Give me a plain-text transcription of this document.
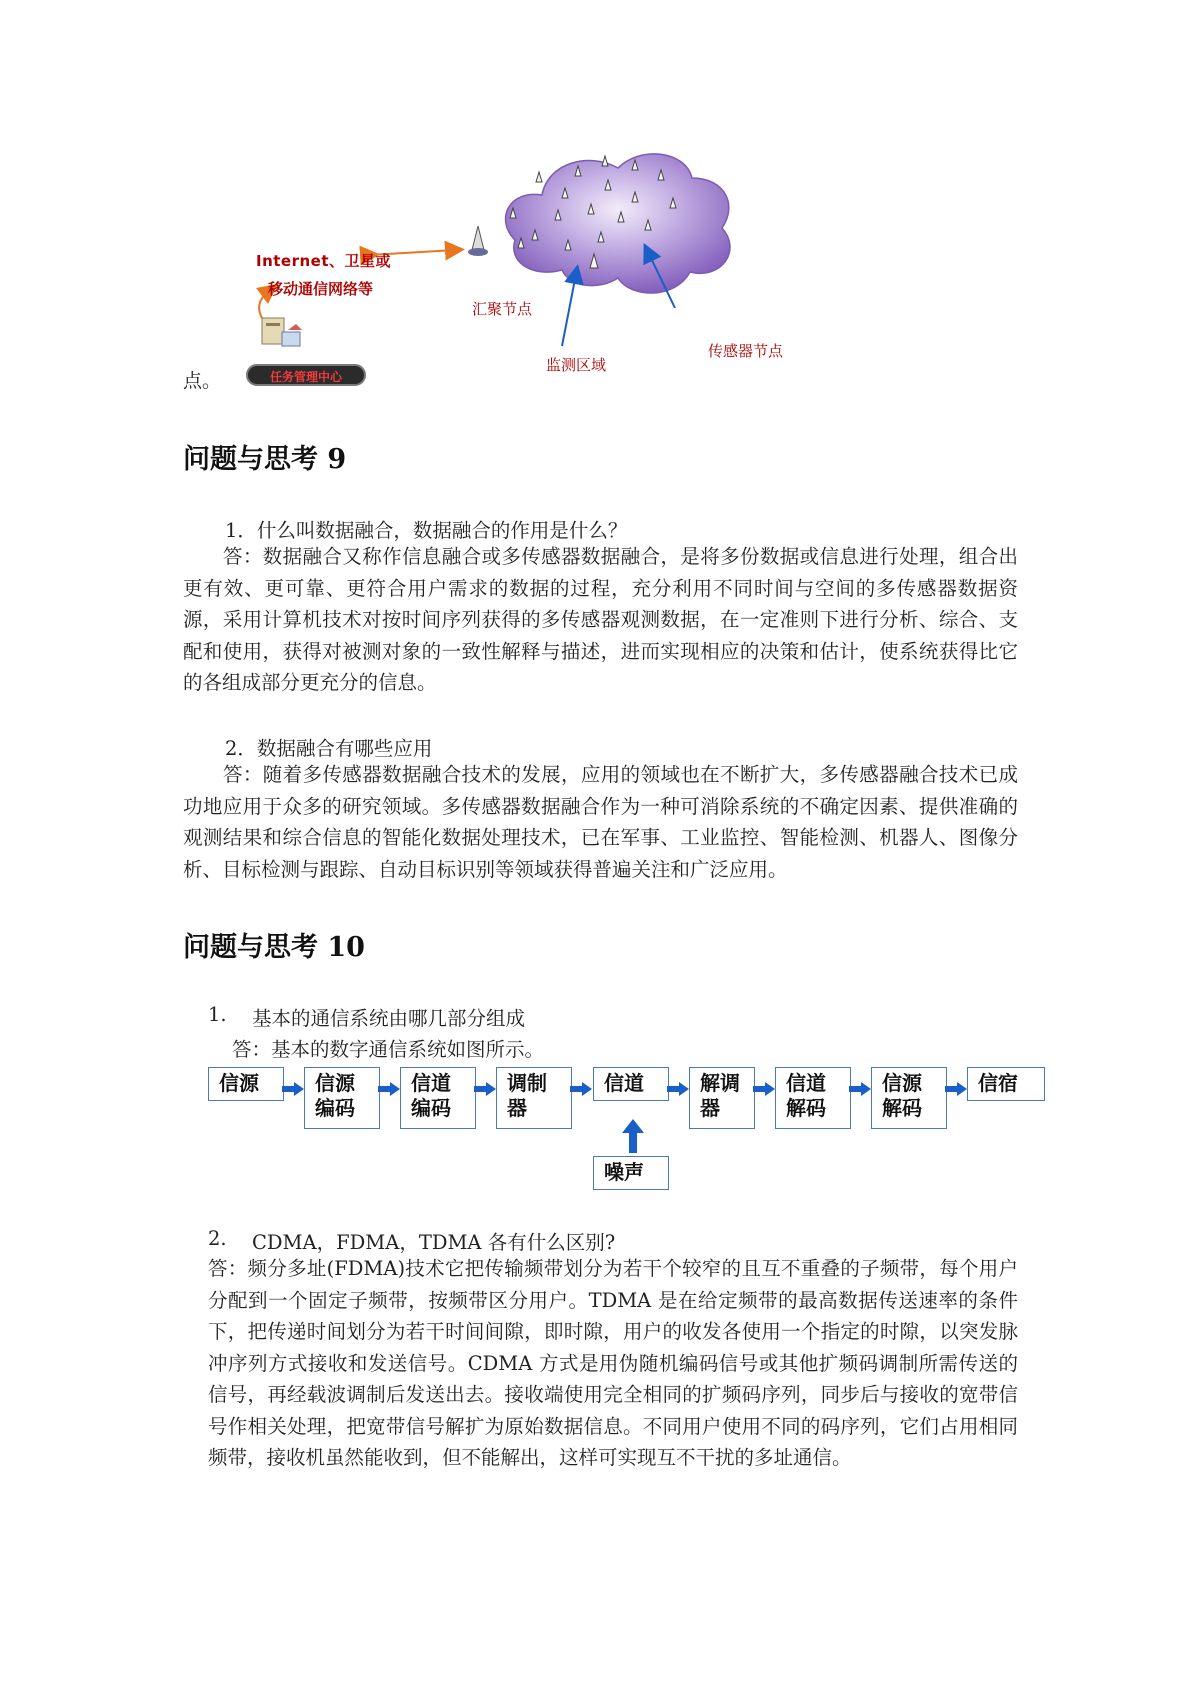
Internet、卫星或
移动通信网络等
汇聚节点
监测区域
传感器节点
任务管理中心
点。
问题与思考 9
1．什么叫数据融合，数据融合的作用是什么？
答：数据融合又称作信息融合或多传感器数据融合，是将多份数据或信息进行处理，组合出更有效、更可靠、更符合用户需求的数据的过程，充分利用不同时间与空间的多传感器数据资源，采用计算机技术对按时间序列获得的多传感器观测数据，在一定准则下进行分析、综合、支配和使用，获得对被测对象的一致性解释与描述，进而实现相应的决策和估计，使系统获得比它的各组成部分更充分的信息。
2．数据融合有哪些应用
答：随着多传感器数据融合技术的发展，应用的领域也在不断扩大，多传感器融合技术已成功地应用于众多的研究领域。多传感器数据融合作为一种可消除系统的不确定因素、提供准确的观测结果和综合信息的智能化数据处理技术，已在军事、工业监控、智能检测、机器人、图像分析、目标检测与跟踪、自动目标识别等领域获得普遍关注和广泛应用。
问题与思考 10
1. 基本的通信系统由哪几部分组成
答：基本的数字通信系统如图所示。
信源	信源
编码
信道
编码
调制
器
信道	解调
器
信道
解码
信源
解码
信宿
噪声
2. CDMA，FDMA，TDMA 各有什么区别?
答：频分多址(FDMA)技术它把传输频带划分为若干个较窄的且互不重叠的子频带，每个用户分配到一个固定子频带，按频带区分用户。TDMA 是在给定频带的最高数据传送速率的条件下，把传递时间划分为若干时间间隙，即时隙，用户的收发各使用一个指定的时隙，以突发脉冲序列方式接收和发送信号。CDMA 方式是用伪随机编码信号或其他扩频码调制所需传送的信号，再经载波调制后发送出去。接收端使用完全相同的扩频码序列，同步后与接收的宽带信号作相关处理，把宽带信号解扩为原始数据信息。不同用户使用不同的码序列，它们占用相同频带，接收机虽然能收到，但不能解出，这样可实现互不干扰的多址通信。
